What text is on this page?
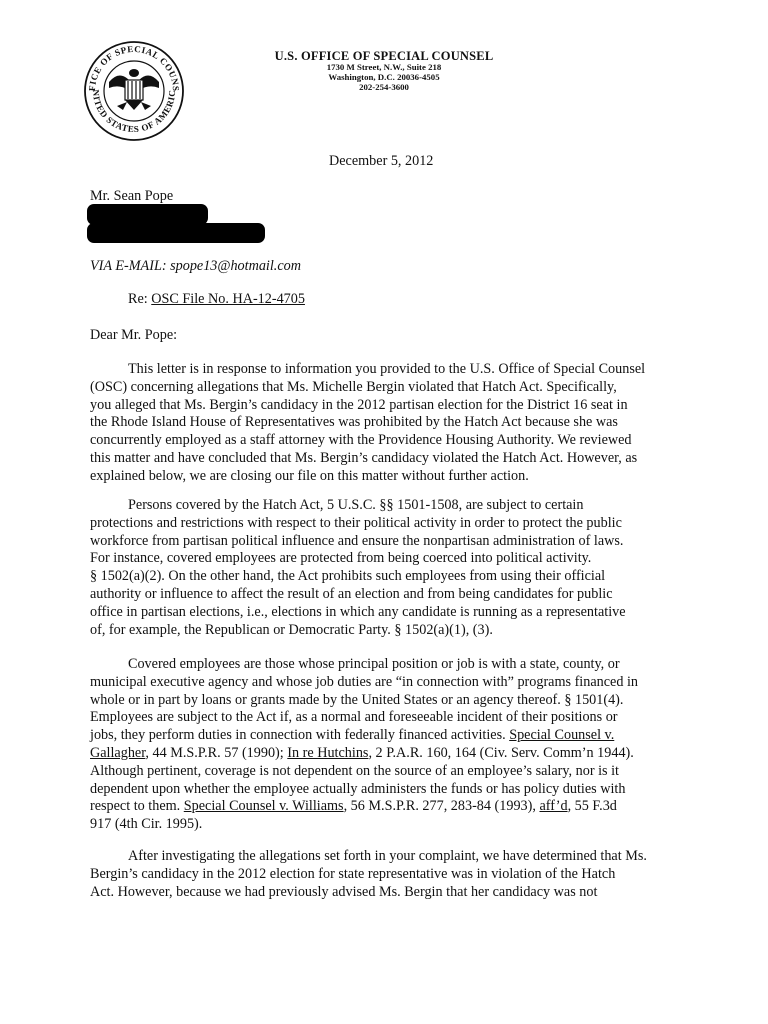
FICE OF SPECIAL COUNS
NITED STATES OF AMERIC
U.S. OFFICE OF SPECIAL COUNSEL
1730 M Street, N.W., Suite 218
Washington, D.C. 20036-4505
202-254-3600
December 5, 2012
Mr. Sean Pope
VIA E-MAIL: spope13@hotmail.com
Re: OSC File No. HA-12-4705
Dear Mr. Pope:
This letter is in response to information you provided to the U.S. Office of Special Counsel
(OSC) concerning allegations that Ms. Michelle Bergin violated that Hatch Act. Specifically,
you alleged that Ms. Bergin’s candidacy in the 2012 partisan election for the District 16 seat in
the Rhode Island House of Representatives was prohibited by the Hatch Act because she was
concurrently employed as a staff attorney with the Providence Housing Authority. We reviewed
this matter and have concluded that Ms. Bergin’s candidacy violated the Hatch Act. However, as
explained below, we are closing our file on this matter without further action.
Persons covered by the Hatch Act, 5 U.S.C. §§ 1501-1508, are subject to certain
protections and restrictions with respect to their political activity in order to protect the public
workforce from partisan political influence and ensure the nonpartisan administration of laws.
For instance, covered employees are protected from being coerced into political activity.
§ 1502(a)(2). On the other hand, the Act prohibits such employees from using their official
authority or influence to affect the result of an election and from being candidates for public
office in partisan elections, i.e., elections in which any candidate is running as a representative
of, for example, the Republican or Democratic Party. § 1502(a)(1), (3).
Covered employees are those whose principal position or job is with a state, county, or
municipal executive agency and whose job duties are “in connection with” programs financed in
whole or in part by loans or grants made by the United States or an agency thereof. § 1501(4).
Employees are subject to the Act if, as a normal and foreseeable incident of their positions or
jobs, they perform duties in connection with federally financed activities. Special Counsel v.
Gallagher, 44 M.S.P.R. 57 (1990); In re Hutchins, 2 P.A.R. 160, 164 (Civ. Serv. Comm’n 1944).
Although pertinent, coverage is not dependent on the source of an employee’s salary, nor is it
dependent upon whether the employee actually administers the funds or has policy duties with
respect to them. Special Counsel v. Williams, 56 M.S.P.R. 277, 283-84 (1993), aff’d, 55 F.3d
917 (4th Cir. 1995).
After investigating the allegations set forth in your complaint, we have determined that Ms.
Bergin’s candidacy in the 2012 election for state representative was in violation of the Hatch
Act. However, because we had previously advised Ms. Bergin that her candidacy was not
